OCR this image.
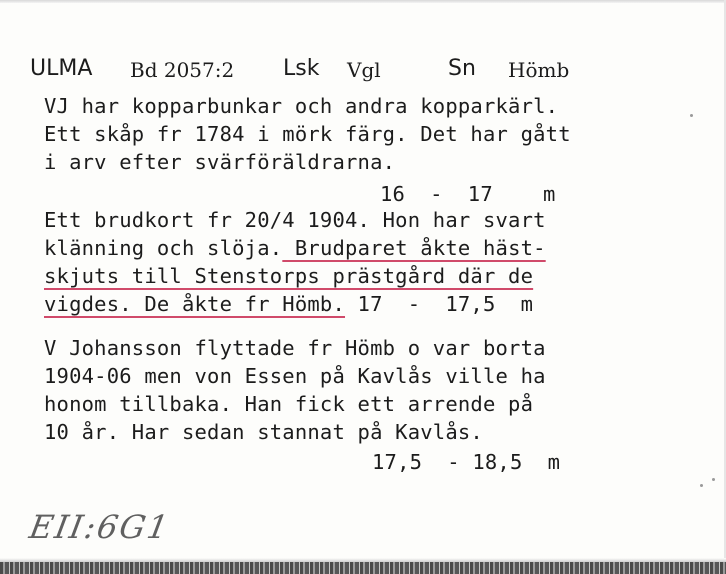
ULMA Bd 2057:2 Lsk Vgl	Sn Hömb
VJ har kopparbunkar och andra kopparkärl.
Ett skåp fr 1784 i mörk färg. Det har gått
i arv efter svärföräldrarna.
16  -  17    m
Ett brudkort fr 20/4 1904. Hon har svart
klänning och slöja. Brudparet åkte häst-
skjuts till Stenstorps prästgård där de
vigdes. De åkte fr Hömb. 17  -  17,5  m
V Johansson flyttade fr Hömb o var borta
1904-06 men von Essen på Kavlås ville ha
honom tillbaka. Han fick ett arrende på
10 år. Har sedan stannat på Kavlås.
17,5  - 18,5  m
EII:6G1
